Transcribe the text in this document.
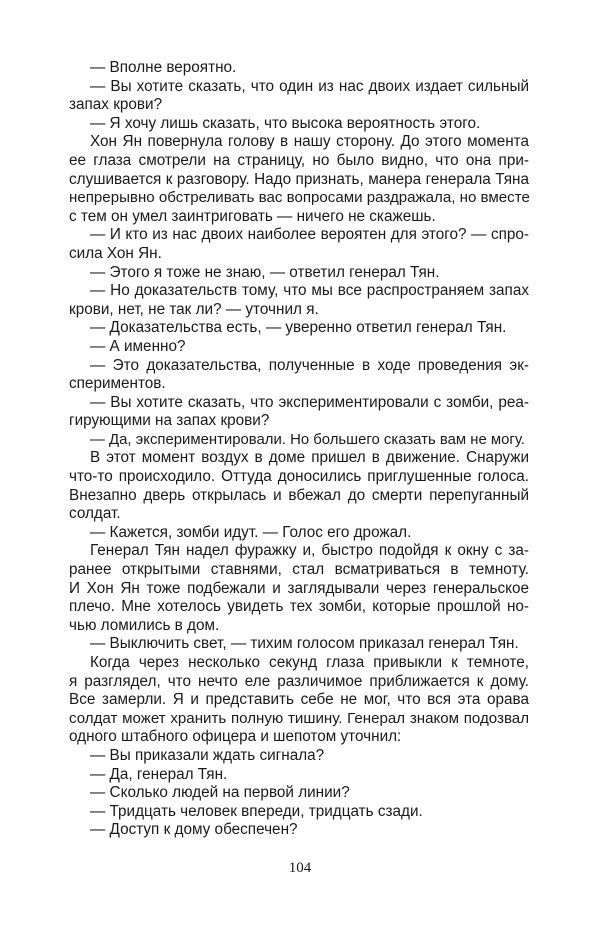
— Вполне вероятно.
— Вы хотите сказать, что один из нас двоих издает сильный
запах крови?
— Я хочу лишь сказать, что высока вероятность этого.
Хон Ян повернула голову в нашу сторону. До этого момента
ее глаза смотрели на страницу, но было видно, что она при-
слушивается к разговору. Надо признать, манера генерала Тяна
непрерывно обстреливать вас вопросами раздражала, но вместе
с тем он умел заинтриговать — ничего не скажешь.
— И кто из нас двоих наиболее вероятен для этого? — спро-
сила Хон Ян.
— Этого я тоже не знаю, — ответил генерал Тян.
— Но доказательств тому, что мы все распространяем запах
крови, нет, не так ли? — уточнил я.
— Доказательства есть, — уверенно ответил генерал Тян.
— А именно?
— Это доказательства, полученные в ходе проведения эк-
спериментов.
— Вы хотите сказать, что экспериментировали с зомби, реа-
гирующими на запах крови?
— Да, экспериментировали. Но большего сказать вам не могу.
В этот момент воздух в доме пришел в движение. Снаружи
что-то происходило. Оттуда доносились приглушенные голоса.
Внезапно дверь открылась и вбежал до смерти перепуганный
солдат.
— Кажется, зомби идут. — Голос его дрожал.
Генерал Тян надел фуражку и, быстро подойдя к окну с за-
ранее открытыми ставнями, стал всматриваться в темноту.
И Хон Ян тоже подбежали и заглядывали через генеральское
плечо. Мне хотелось увидеть тех зомби, которые прошлой но-
чью ломились в дом.
— Выключить свет, — тихим голосом приказал генерал Тян.
Когда через несколько секунд глаза привыкли к темноте,
я разглядел, что нечто еле различимое приближается к дому.
Все замерли. Я и представить себе не мог, что вся эта орава
солдат может хранить полную тишину. Генерал знаком подозвал
одного штабного офицера и шепотом уточнил:
— Вы приказали ждать сигнала?
— Да, генерал Тян.
— Сколько людей на первой линии?
— Тридцать человек впереди, тридцать сзади.
— Доступ к дому обеспечен?
104
